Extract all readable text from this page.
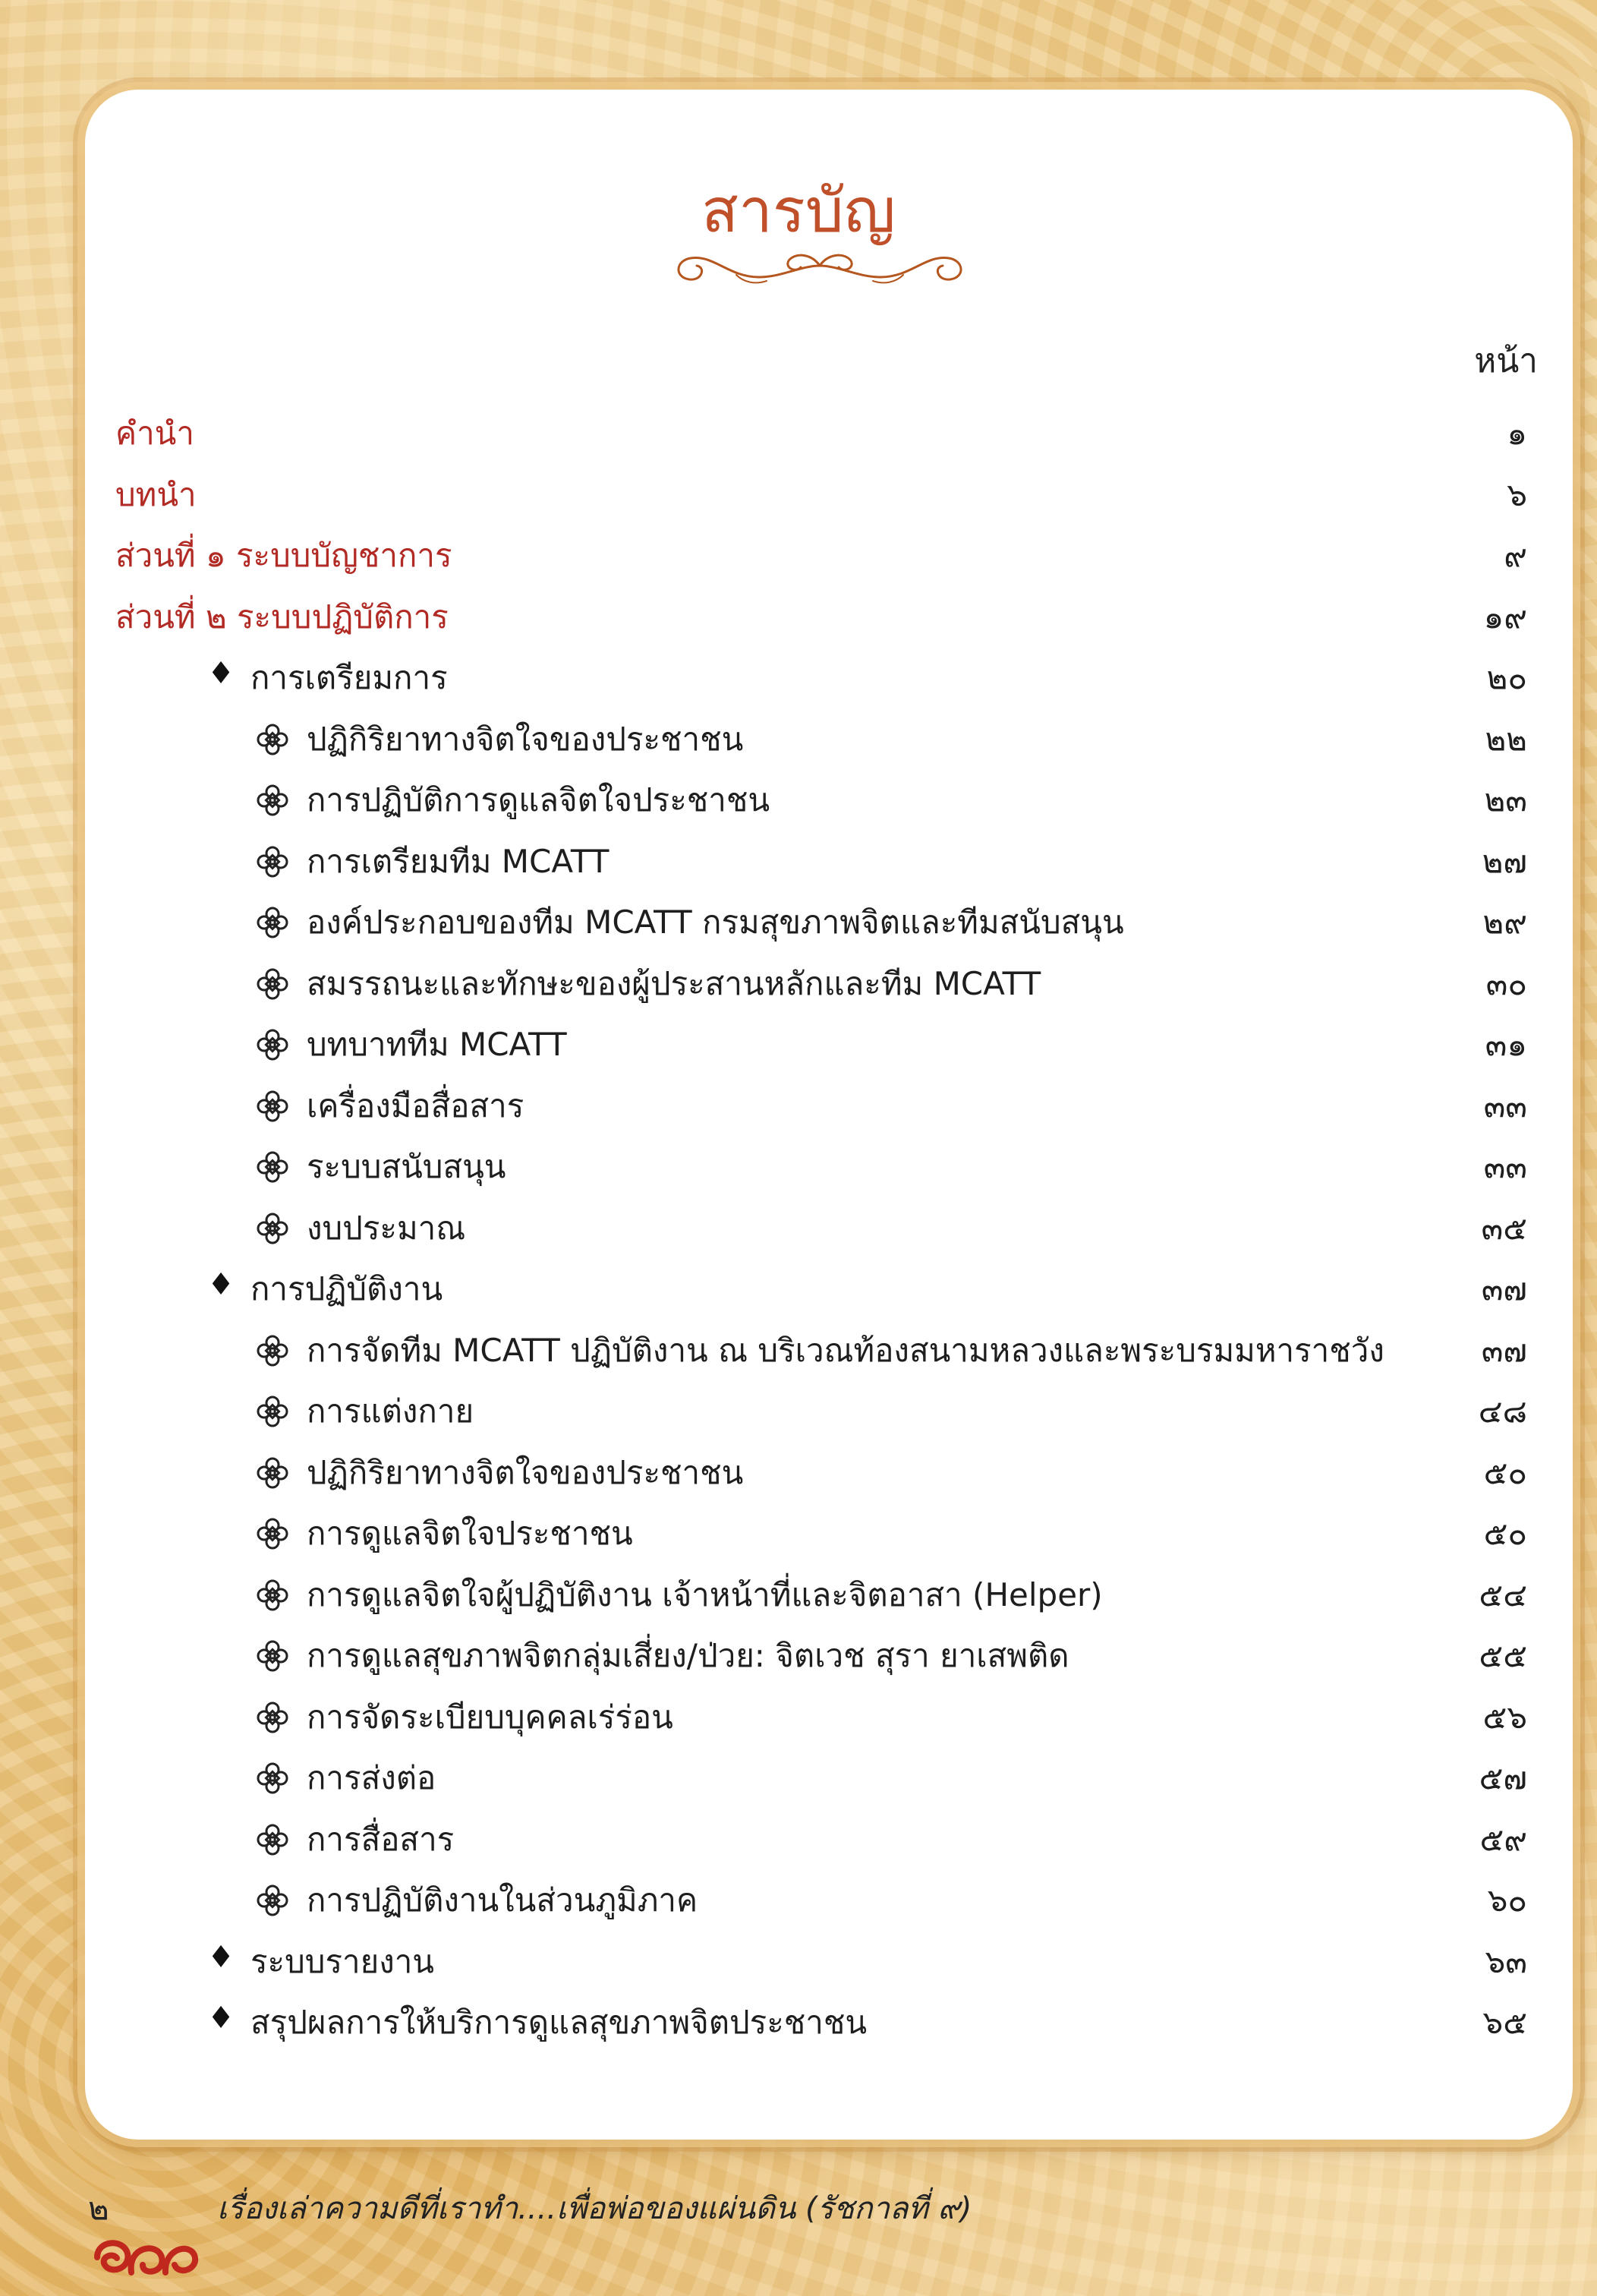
สารบัญ
หน้า
คำนำ	๑
บทนำ	๖
ส่วนที่ ๑ ระบบบัญชาการ	๙
ส่วนที่ ๒ ระบบปฏิบัติการ	๑๙
♦ การเตรียมการ	๒๐
ปฏิกิริยาทางจิตใจของประชาชน	๒๒
การปฏิบัติการดูแลจิตใจประชาชน	๒๓
การเตรียมทีม MCATT	๒๗
องค์ประกอบของทีม MCATT กรมสุขภาพจิตและทีมสนับสนุน	๒๙
สมรรถนะและทักษะของผู้ประสานหลักและทีม MCATT	๓๐
บทบาททีม MCATT	๓๑
เครื่องมือสื่อสาร	๓๓
ระบบสนับสนุน	๓๓
งบประมาณ	๓๕
♦ การปฏิบัติงาน	๓๗
การจัดทีม MCATT ปฏิบัติงาน ณ บริเวณท้องสนามหลวงและพระบรมมหาราชวัง	๓๗
การแต่งกาย	๔๘
ปฏิกิริยาทางจิตใจของประชาชน	๕๐
การดูแลจิตใจประชาชน	๕๐
การดูแลจิตใจผู้ปฏิบัติงาน เจ้าหน้าที่และจิตอาสา (Helper)	๕๔
การดูแลสุขภาพจิตกลุ่มเสี่ยง/ป่วย: จิตเวช สุรา ยาเสพติด	๕๕
การจัดระเบียบบุคคลเร่ร่อน	๕๖
การส่งต่อ	๕๗
การสื่อสาร	๕๙
การปฏิบัติงานในส่วนภูมิภาค	๖๐
♦ ระบบรายงาน	๖๓
♦ สรุปผลการให้บริการดูแลสุขภาพจิตประชาชน	๖๕
๒	เรื่องเล่าความดีที่เราทำ....เพื่อพ่อของแผ่นดิน (รัชกาลที่ ๙)
